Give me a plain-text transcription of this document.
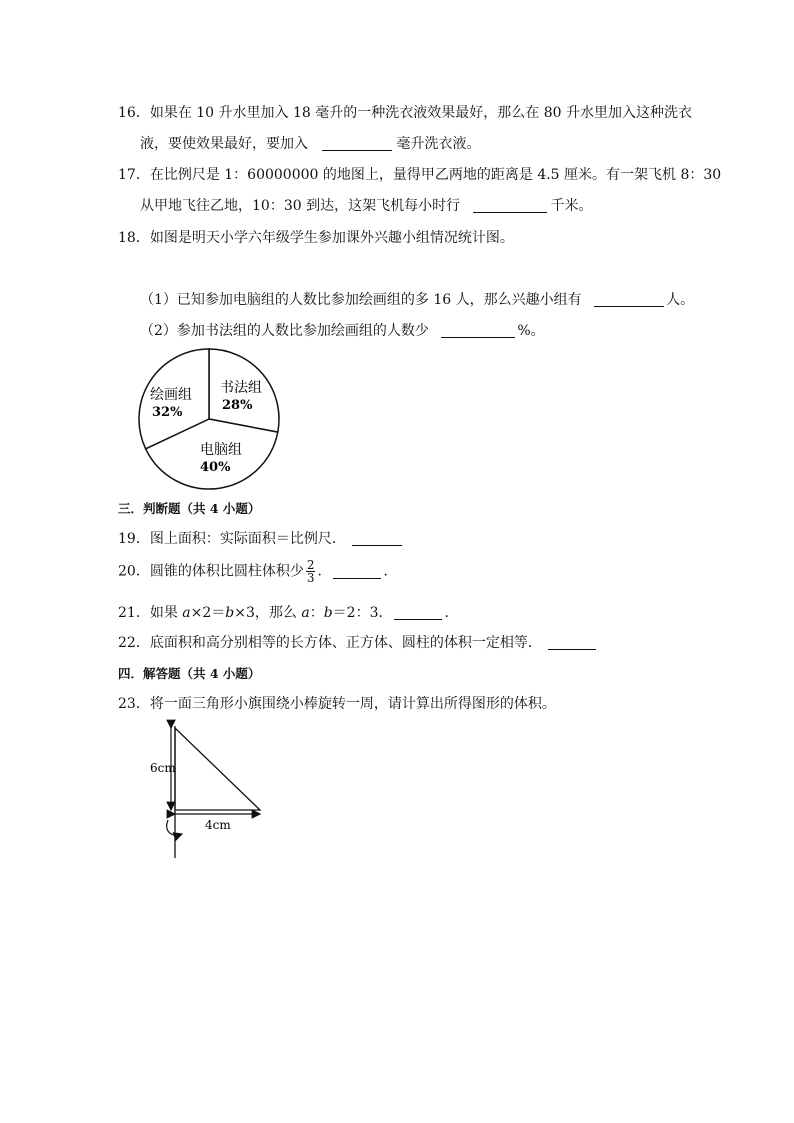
16．如果在 10 升水里加入 18 毫升的一种洗衣液效果最好，那么在 80 升水里加入这种洗衣
液，要使效果最好，要加入	毫升洗衣液。
17．在比例尺是 1：60000000 的地图上，量得甲乙两地的距离是 4.5 厘米。有一架飞机 8：30
从甲地飞往乙地，10：30 到达，这架飞机每小时行	千米。
18．如图是明天小学六年级学生参加课外兴趣小组情况统计图。
（1）已知参加电脑组的人数比参加绘画组的多 16 人，那么兴趣小组有	人。
（2）参加书法组的人数比参加绘画组的人数少	%。
绘画组
32%
书法组
28%
电脑组
40%
三．判断题（共 4 小题）
19．图上面积：实际面积＝比例尺．
20．圆锥的体积比圆柱体积少 $\frac{2}{3}$ ．	．
21．如果 a×2＝b×3，那么 a：b＝2：3．	．
22．底面积和高分别相等的长方体、正方体、圆柱的体积一定相等．
四．解答题（共 4 小题）
23．将一面三角形小旗围绕小棒旋转一周，请计算出所得图形的体积。
6cm
4cm
